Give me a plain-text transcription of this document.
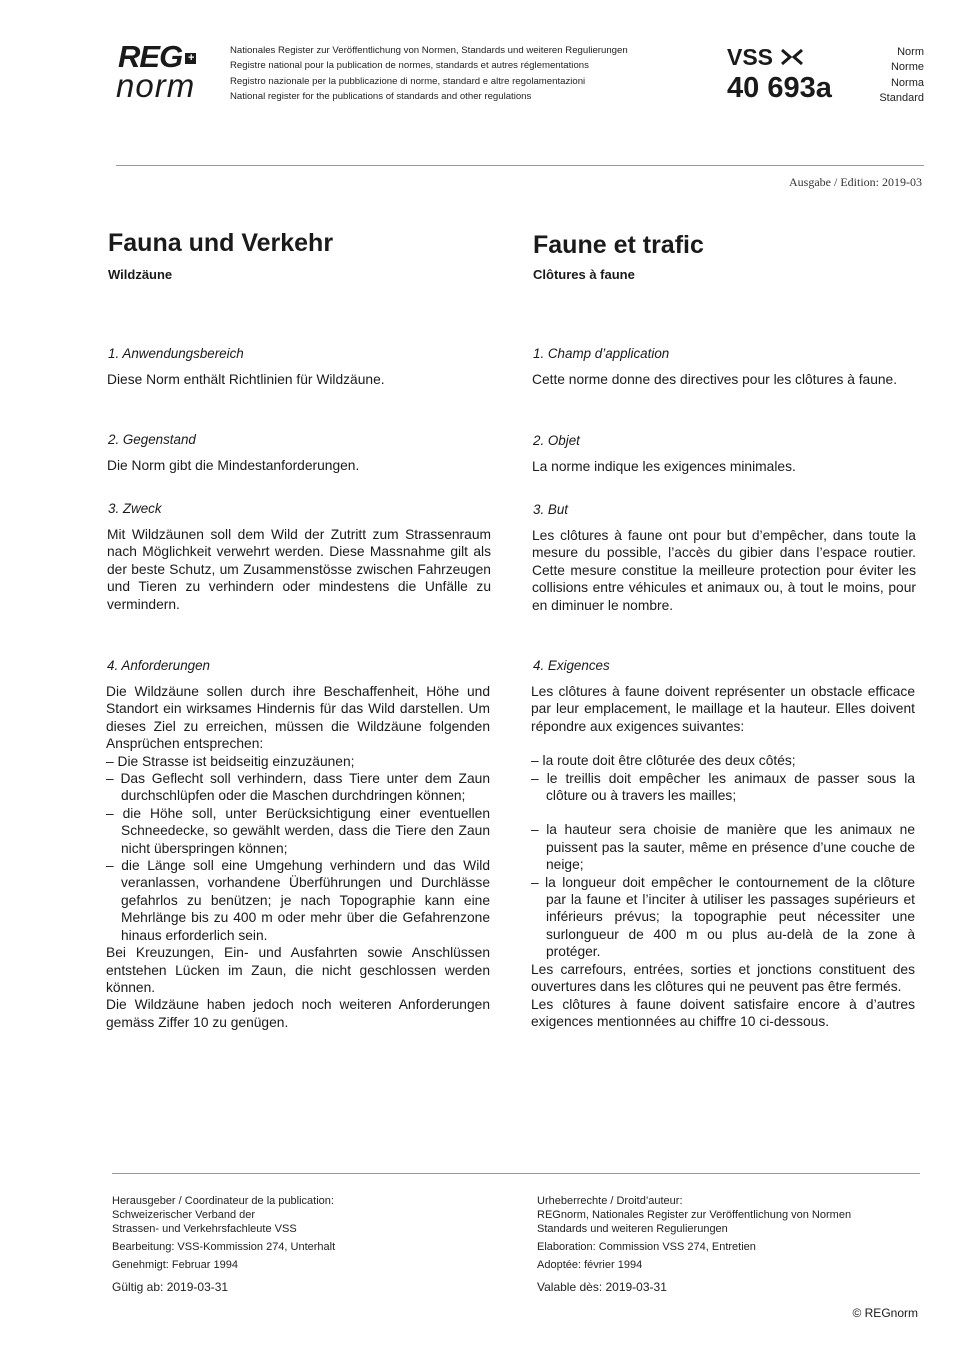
REG +
norm
Nationales Register zur Veröffentlichung von Normen, Standards und weiteren Regulierungen
Registre national pour la publication de normes, standards et autres réglementations
Registro nazionale per la pubblicazione di norme, standard e altre regolamentazioni
National register for the publications of standards and other regulations
VSS
40 693a
Norm
Norme
Norma
Standard
Ausgabe / Edition: 2019-03
Fauna und Verkehr
Wildzäune
1. Anwendungsbereich
Diese Norm enthält Richtlinien für Wildzäune.
2. Gegenstand
Die Norm gibt die Mindestanforderungen.
3. Zweck
Mit Wildzäunen soll dem Wild der Zutritt zum Strassenraum nach Möglichkeit verwehrt werden. Diese Massnahme gilt als der beste Schutz, um Zusammenstösse zwischen Fahrzeugen und Tieren zu verhindern oder mindestens die Unfälle zu vermindern.
4. Anforderungen

Die Wildzäune sollen durch ihre Beschaffenheit, Höhe und Standort ein wirksames Hindernis für das Wild darstellen. Um dieses Ziel zu erreichen, müssen die Wildzäune folgenden Ansprüchen entsprechen:

– Die Strasse ist beidseitig einzuzäunen;

– Das Geflecht soll verhindern, dass Tiere unter dem Zaun durchschlüpfen oder die Maschen durchdringen können;

– die Höhe soll, unter Berücksichtigung einer eventuellen Schneedecke, so gewählt werden, dass die Tiere den Zaun nicht überspringen können;

– die Länge soll eine Umgehung verhindern und das Wild veranlassen, vorhandene Überführungen und Durchlässe gefahrlos zu benützen; je nach Topographie kann eine Mehrlänge bis zu 400 m oder mehr über die Gefahrenzone hinaus erforderlich sein.

Bei Kreuzungen, Ein- und Ausfahrten sowie Anschlüssen entstehen Lücken im Zaun, die nicht geschlossen werden können.

Die Wildzäune haben jedoch noch weiteren Anforderungen gemäss Ziffer 10 zu genügen.

Faune et trafic
Clôtures à faune
1. Champ d’application
Cette norme donne des directives pour les clôtures à faune.
2. Objet
La norme indique les exigences minimales.
3. But
Les clôtures à faune ont pour but d’empêcher, dans toute la mesure du possible, l’accès du gibier dans l’espace routier. Cette mesure constitue la meilleure protection pour éviter les collisions entre véhicules et animaux ou, à tout le moins, pour en diminuer le nombre.
4. Exigences

Les clôtures à faune doivent représenter un obstacle efficace par leur emplacement, le maillage et la hauteur. Elles doivent répondre aux exigences suivantes:

– la route doit être clôturée des deux côtés;

– le treillis doit empêcher les animaux de passer sous la clôture ou à travers les mailles;

– la hauteur sera choisie de manière que les animaux ne puissent pas la sauter, même en présence d’une couche de neige;

– la longueur doit empêcher le contournement de la clôture par la faune et l’inciter à utiliser les passages supérieurs et inférieurs prévus; la topographie peut nécessiter une surlongueur de 400 m ou plus au-delà de la zone à protéger.

Les carrefours, entrées, sorties et jonctions constituent des ouvertures dans les clôtures qui ne peuvent pas être fermés.

Les clôtures à faune doivent satisfaire encore à d’autres exigences mentionnées au chiffre 10 ci-dessous.

Herausgeber / Coordinateur de la publication:
Schweizerischer Verband der
Strassen- und Verkehrsfachleute VSS
Bearbeitung: VSS-Kommission 274, Unterhalt
Genehmigt: Februar 1994
Gültig ab: 2019-03-31
Urheberrechte / Droitd’auteur:
REGnorm, Nationales Register zur Veröffentlichung von Normen
Standards und weiteren Regulierungen
Elaboration: Commission VSS 274, Entretien
Adoptée: février 1994
Valable dès: 2019-03-31
© REGnorm
